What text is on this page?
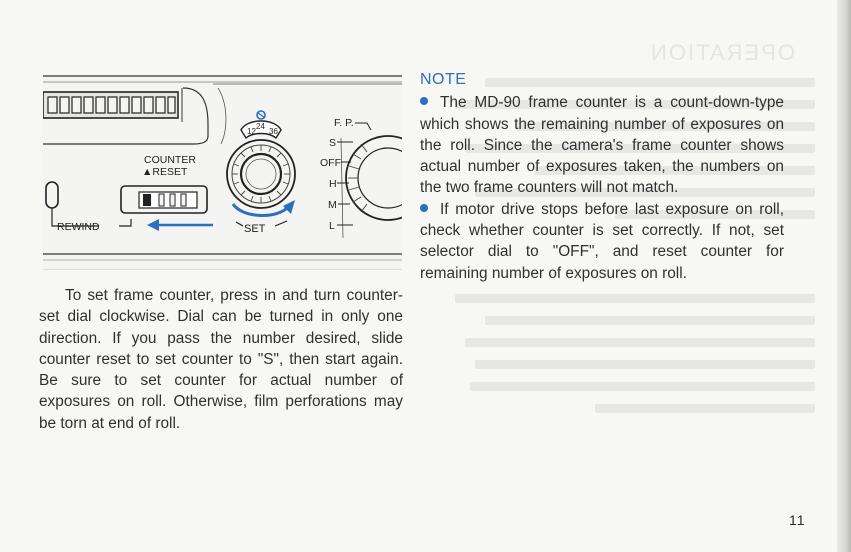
OPERATION
COUNTER
▲RESET
REWIND
12
24
36
SET
F. P.
S
OFF
H
M
L

To set frame counter, press in and turn counter-set dial clockwise. Dial can be turned in only one direction. If you pass the number desired, slide counter reset to set counter to "S", then start again. Be sure to set counter for actual number of exposures on roll. Otherwise, film perforations may be torn at end of roll.

NOTE

The MD-90 frame counter is a count-down-type which shows the remaining number of exposures on the roll. Since the camera's frame counter shows actual number of exposures taken, the numbers on the two frame counters will not match.

If motor drive stops before last exposure on roll, check whether counter is set correctly. If not, set selector dial to "OFF", and reset counter for remaining number of exposures on roll.

11
